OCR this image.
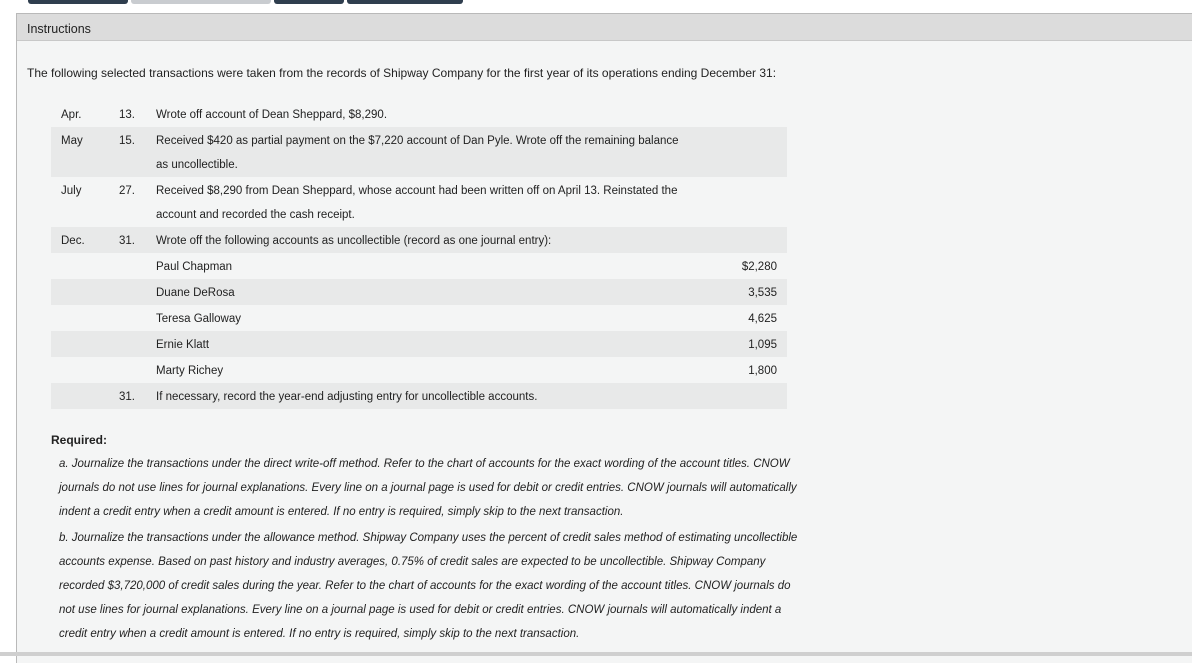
Instructions
The following selected transactions were taken from the records of Shipway Company for the first year of its operations ending December 31:
Apr.	13. Wrote off account of Dean Sheppard, $8,290.
May	15. Received $420 as partial payment on the $7,220 account of Dan Pyle. Wrote off the remaining balance
as uncollectible.
July	27. Received $8,290 from Dean Sheppard, whose account had been written off on April 13. Reinstated the
account and recorded the cash receipt.
Dec.	31. Wrote off the following accounts as uncollectible (record as one journal entry):
Paul Chapman	$2,280
Duane DeRosa	3,535
Teresa Galloway	4,625
Ernie Klatt	1,095
Marty Richey	1,800
31. If necessary, record the year-end adjusting entry for uncollectible accounts.
Required:
a. Journalize the transactions under the direct write-off method. Refer to the chart of accounts for the exact wording of the account titles. CNOW
journals do not use lines for journal explanations. Every line on a journal page is used for debit or credit entries. CNOW journals will automatically
indent a credit entry when a credit amount is entered. If no entry is required, simply skip to the next transaction.
b. Journalize the transactions under the allowance method. Shipway Company uses the percent of credit sales method of estimating uncollectible
accounts expense. Based on past history and industry averages, 0.75% of credit sales are expected to be uncollectible. Shipway Company
recorded $3,720,000 of credit sales during the year. Refer to the chart of accounts for the exact wording of the account titles. CNOW journals do
not use lines for journal explanations. Every line on a journal page is used for debit or credit entries. CNOW journals will automatically indent a
credit entry when a credit amount is entered. If no entry is required, simply skip to the next transaction.
